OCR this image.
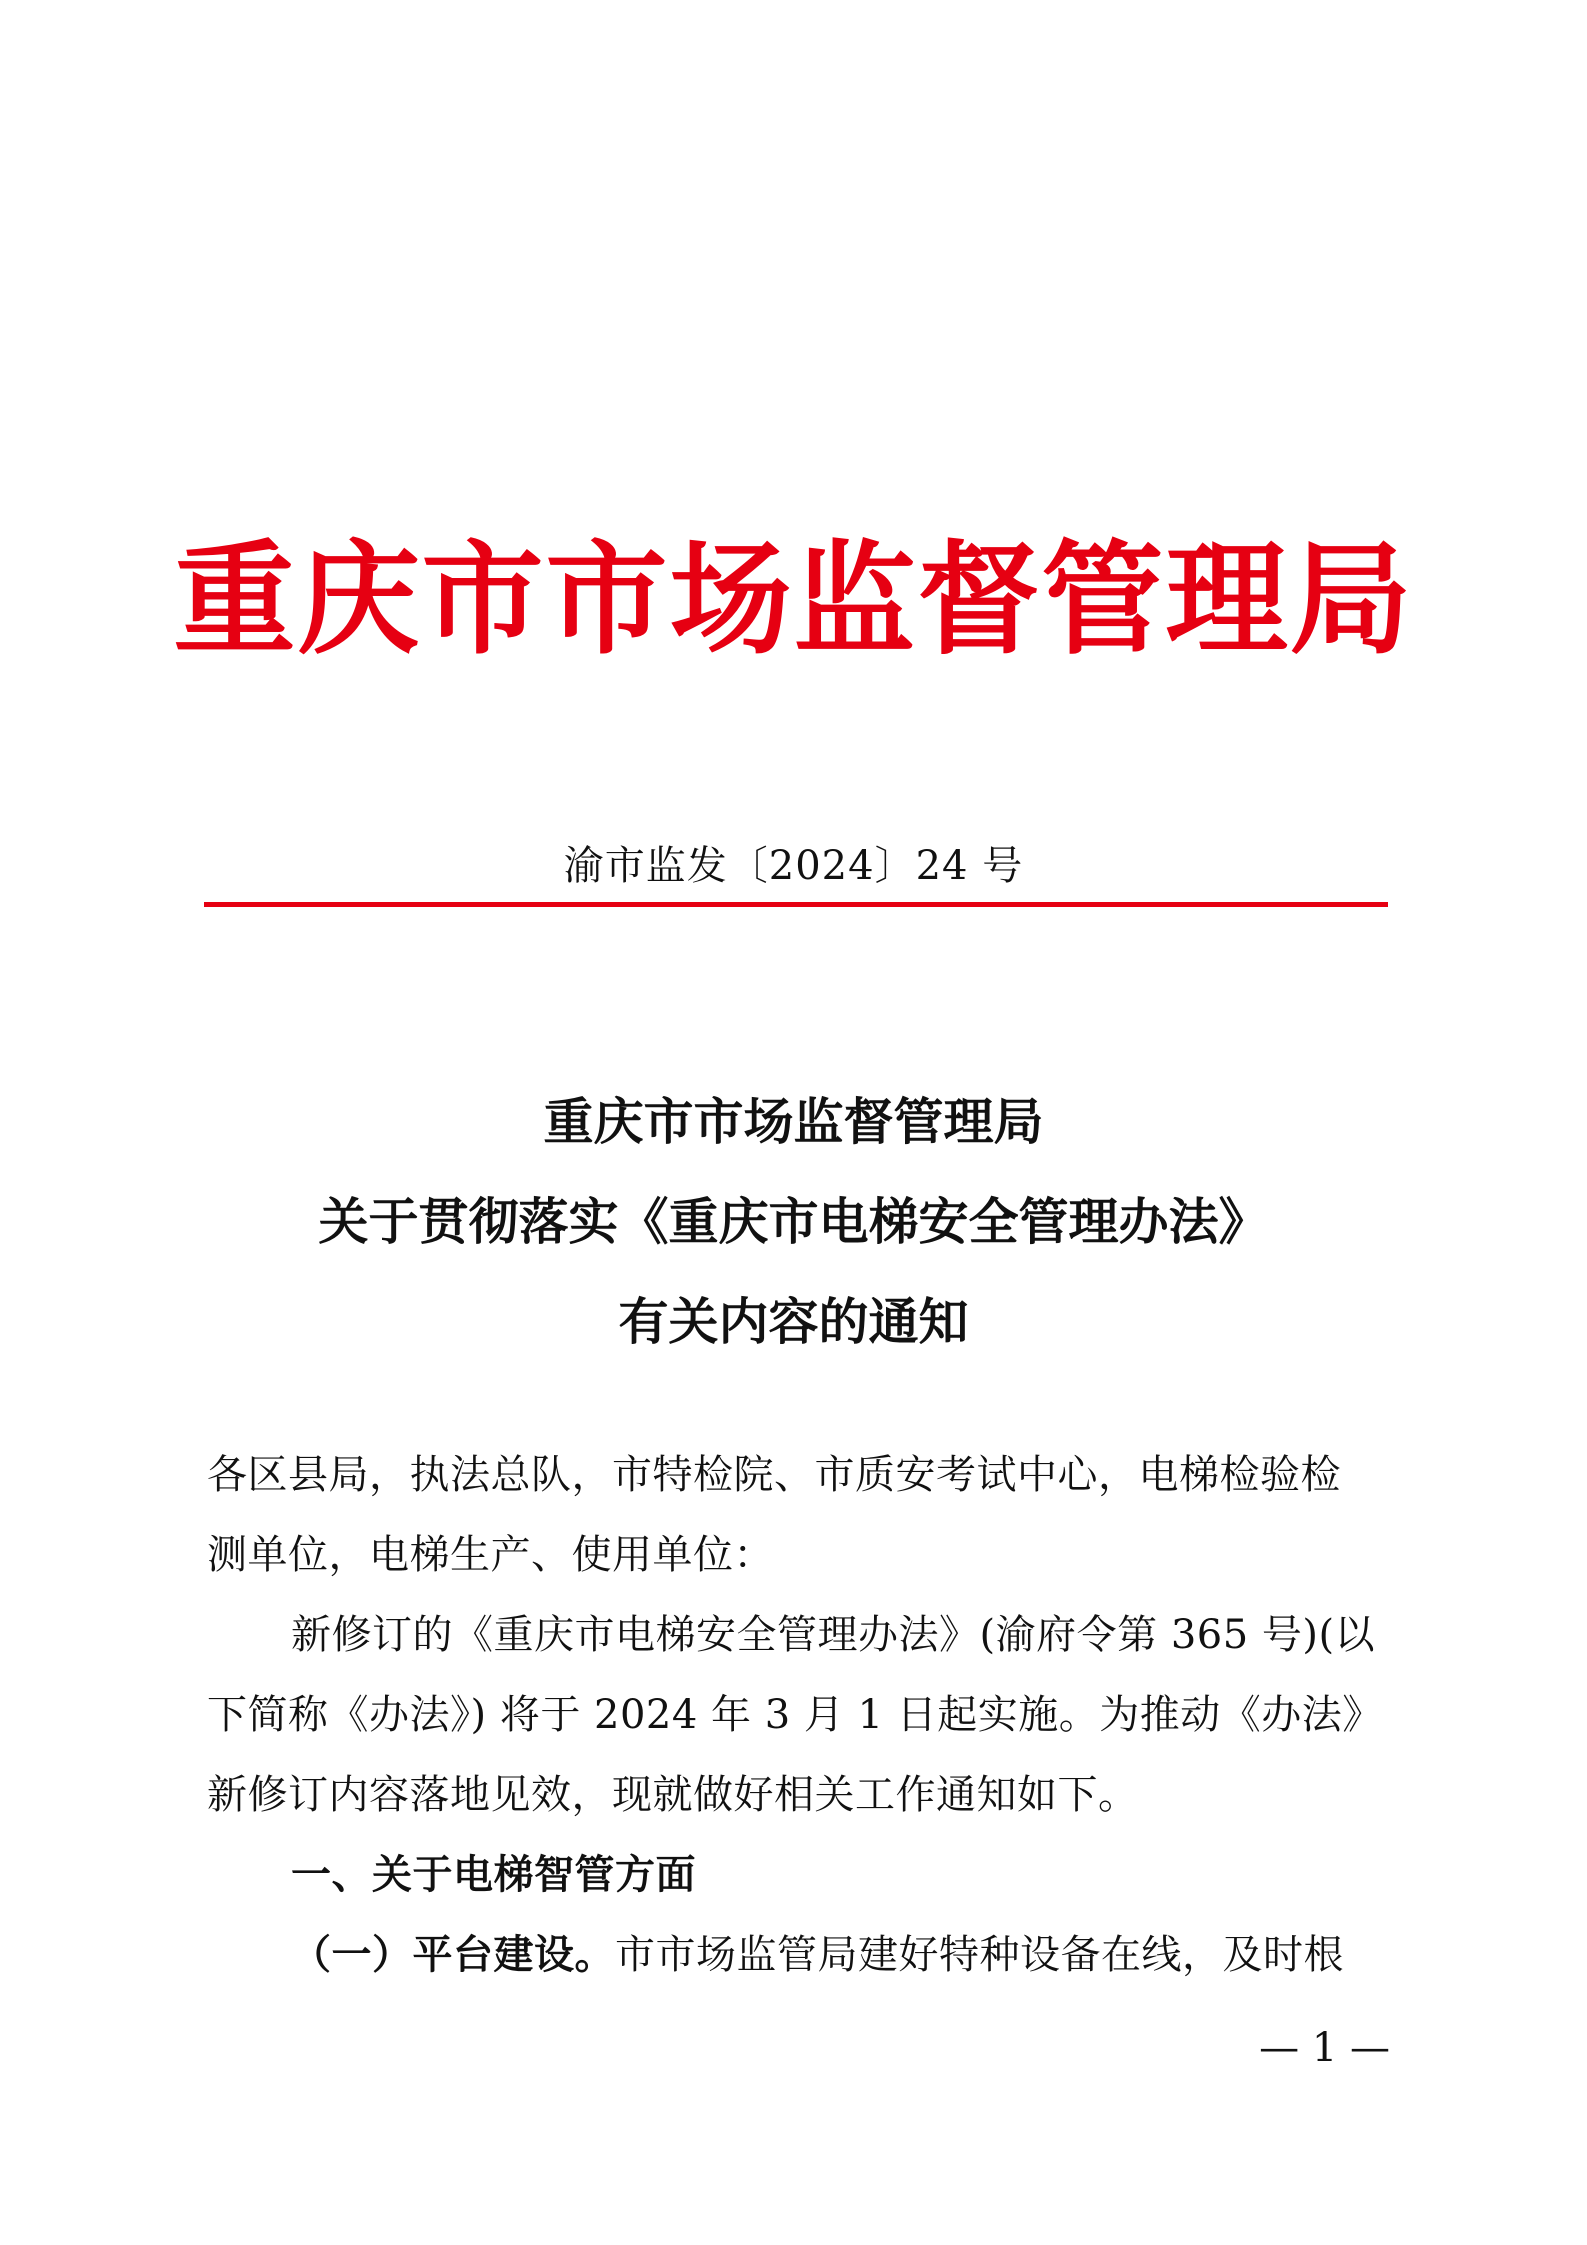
重庆市市场监督管理局
渝市监发〔2024〕24 号
重庆市市场监督管理局
关于贯彻落实《重庆市电梯安全管理办法》
有关内容的通知
各区县局，执法总队，市特检院、市质安考试中心，电梯检验检
测单位，电梯生产、使用单位：
新修订的《重庆市电梯安全管理办法》(渝府令第 365 号)(以
下简称《办法》) 将于 2024 年 3 月 1 日起实施。为推动《办法》
新修订内容落地见效，现就做好相关工作通知如下。
一、关于电梯智管方面
（一）平台建设。市市场监管局建好特种设备在线，及时根
— 1 —
